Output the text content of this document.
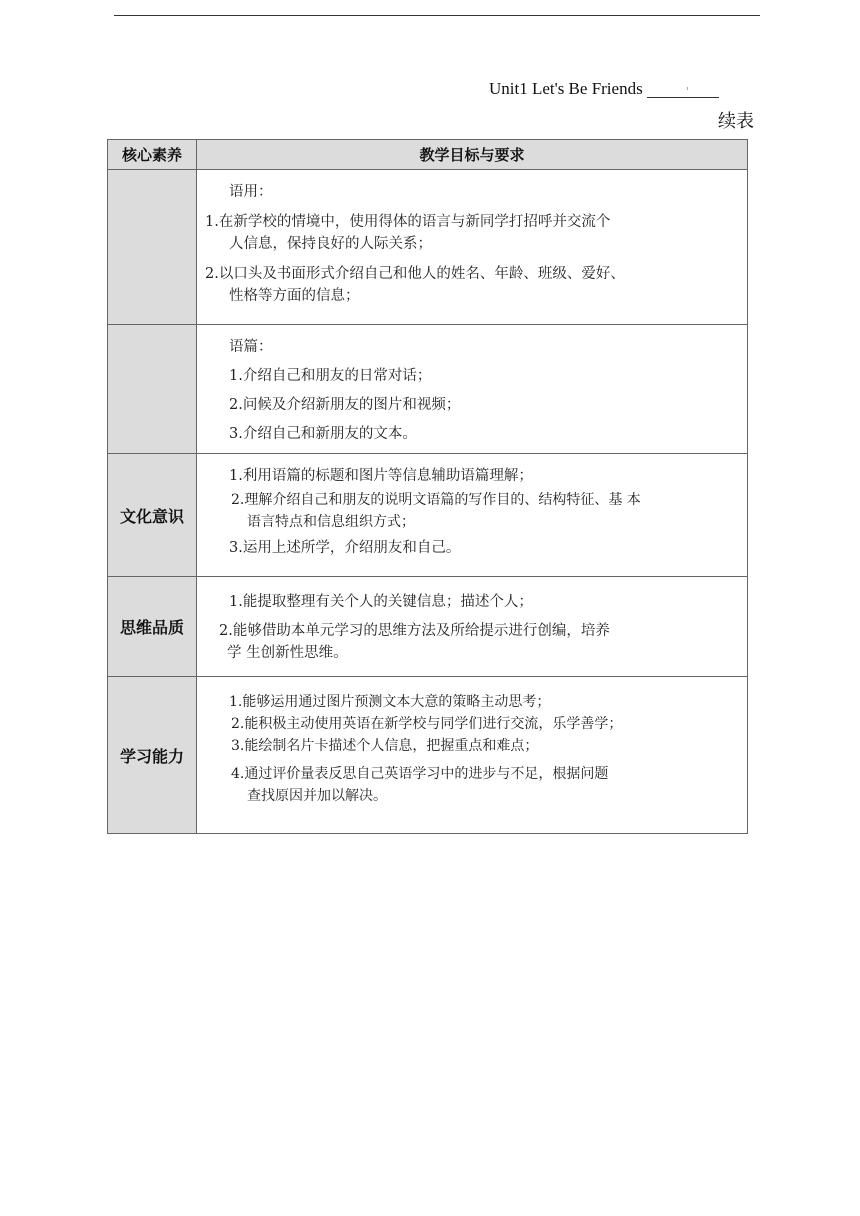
Unit1 Let's Be Friends	ı
续表
核心素养	教学目标与要求

	语用：
1.在新学校的情境中，使用得体的语言与新同学打招呼并交流个
人信息，保持良好的人际关系；
2.以口头及书面形式介绍自己和他人的姓名、年龄、班级、爱好、
性格等方面的信息；

	语篇：
1.介绍自己和朋友的日常对话；
2.问候及介绍新朋友的图片和视频；
3.介绍自己和新朋友的文本。

文化意识	1.利用语篇的标题和图片等信息辅助语篇理解；
2.理解介绍自己和朋友的说明文语篇的写作目的、结构特征、基 本
语言特点和信息组织方式；
3.运用上述所学，介绍朋友和自己。

思维品质	1.能提取整理有关个人的关键信息；描述个人；
2.能够借助本单元学习的思维方法及所给提示进行创编，培养
学 生创新性思维。

学习能力	1.能够运用通过图片预测文本大意的策略主动思考；
2.能积极主动使用英语在新学校与同学们进行交流，乐学善学；
3.能绘制名片卡描述个人信息，把握重点和难点；
4.通过评价量表反思自己英语学习中的进步与不足，根据问题
查找原因并加以解决。
